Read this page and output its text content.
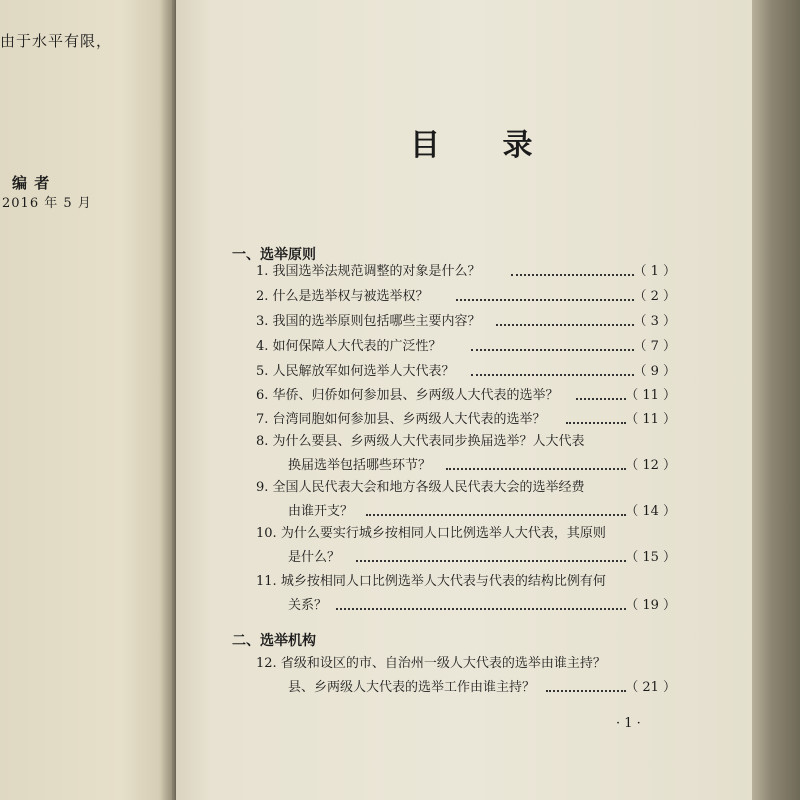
由于水平有限，
编 者
2016 年 5 月
目 录
一、选举原则
1. 我国选举法规范调整的对象是什么？	（ 1 ）
2. 什么是选举权与被选举权？	（ 2 ）
3. 我国的选举原则包括哪些主要内容？	（ 3 ）
4. 如何保障人大代表的广泛性？	（ 7 ）
5. 人民解放军如何选举人大代表？	（ 9 ）
6. 华侨、归侨如何参加县、乡两级人大代表的选举？	（ 11 ）
7. 台湾同胞如何参加县、乡两级人大代表的选举？	（ 11 ）
8. 为什么要县、乡两级人大代表同步换届选举？人大代表
换届选举包括哪些环节？	（ 12 ）
9. 全国人民代表大会和地方各级人民代表大会的选举经费
由谁开支？	（ 14 ）
10. 为什么要实行城乡按相同人口比例选举人大代表，其原则
是什么？	（ 15 ）
11. 城乡按相同人口比例选举人大代表与代表的结构比例有何
关系？	（ 19 ）
二、选举机构
12. 省级和设区的市、自治州一级人大代表的选举由谁主持？
县、乡两级人大代表的选举工作由谁主持？	（ 21 ）
· 1 ·
